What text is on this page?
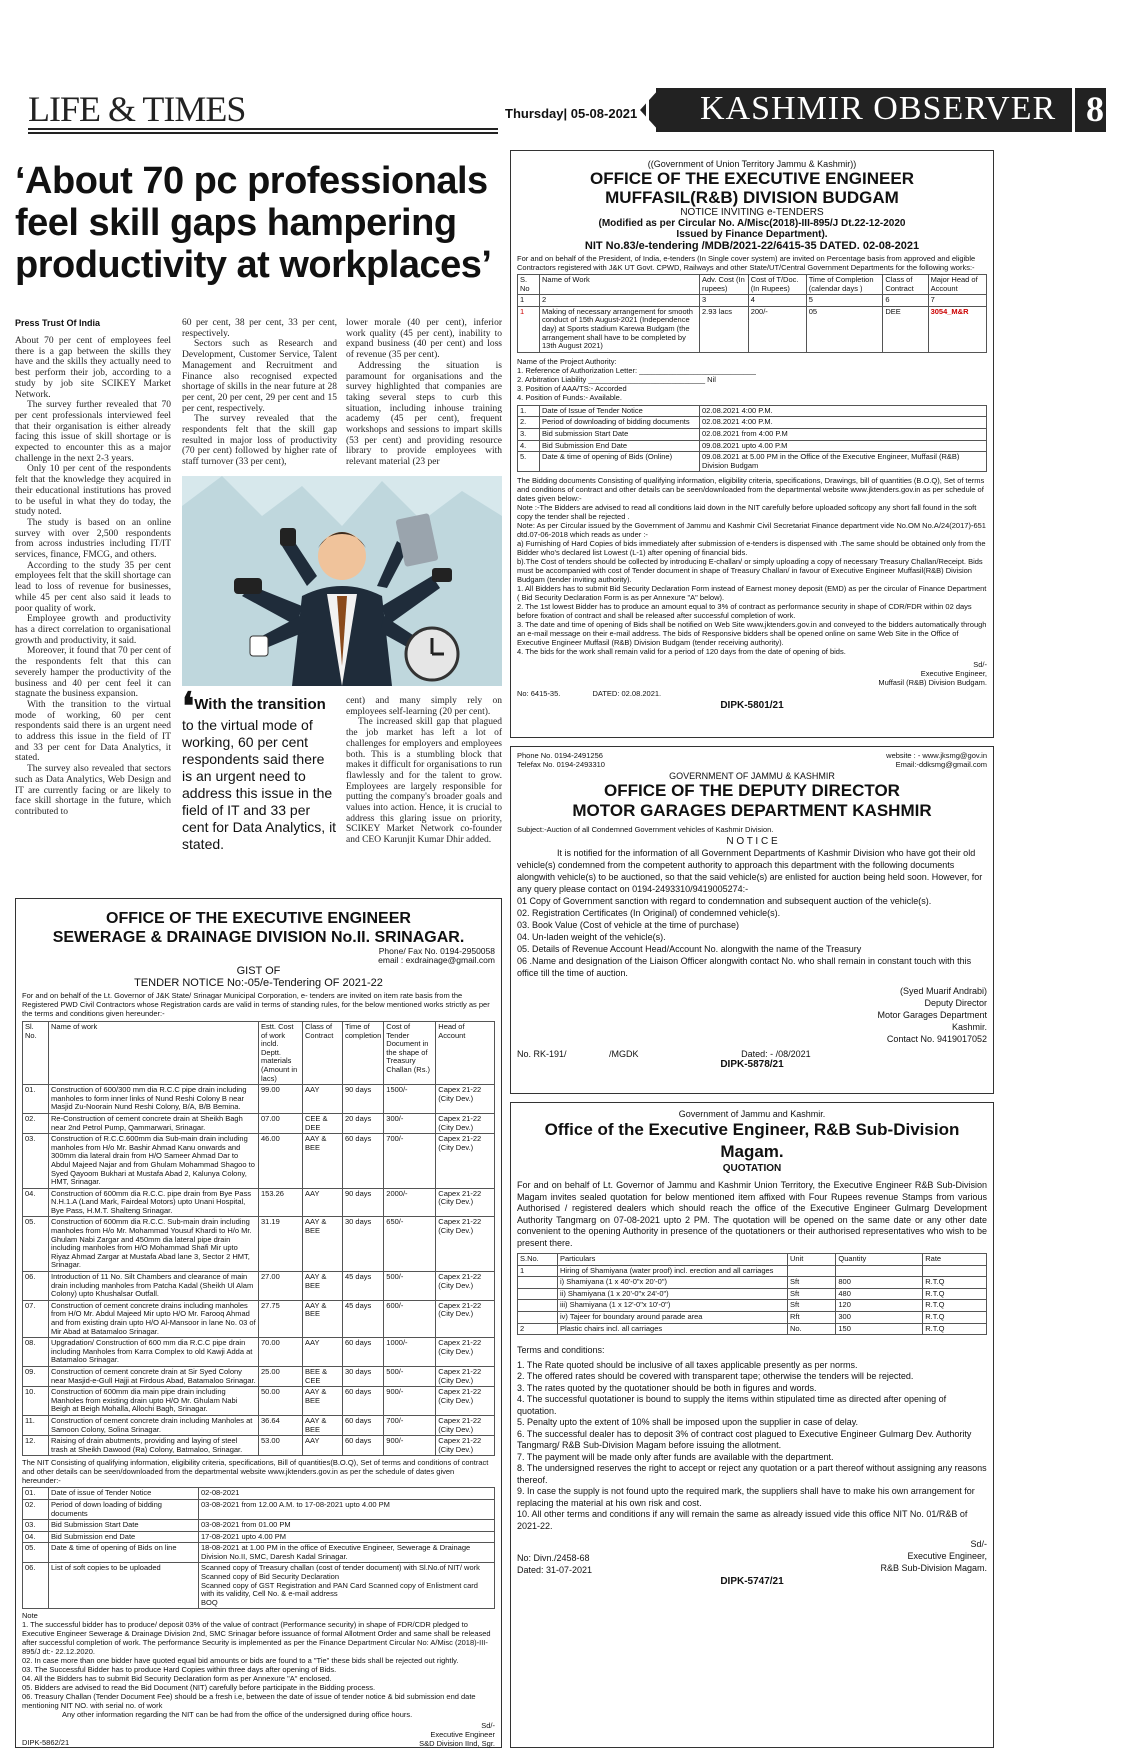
LIFE & TIMES	Thursday| 05-08-2021 KASHMIR OBSERVER 8
‘About 70 pc professionals feel skill gaps hampering productivity at workplaces’
Press Trust Of India

About 70 per cent of employees feel there is a gap between the skills they have and the skills they actually need to best perform their job, according to a study by job site SCIKEY Market Network.

The survey further revealed that 70 per cent professionals interviewed feel that their organisation is either already facing this issue of skill shortage or is expected to encounter this as a major challenge in the next 2-3 years.

Only 10 per cent of the respondents felt that the knowledge they acquired in their educational institutions has proved to be useful in what they do today, the study noted.

The study is based on an online survey with over 2,500 respondents from across industries including IT/IT services, finance, FMCG, and others.

According to the study 35 per cent employees felt that the skill shortage can lead to loss of revenue for businesses, while 45 per cent also said it leads to poor quality of work.

Employee growth and productivity has a direct correlation to organisational growth and productivity, it said.

Moreover, it found that 70 per cent of the respondents felt that this can severely hamper the productivity of the business and 40 per cent feel it can stagnate the business expansion.

With the transition to the virtual mode of working, 60 per cent respondents said there is an urgent need to address this issue in the field of IT and 33 per cent for Data Analytics, it stated.

The survey also revealed that sectors such as Data Analytics, Web Design and IT are currently facing or are likely to face skill shortage in the future, which contributed to

60 per cent, 38 per cent, 33 per cent, respectively.

Sectors such as Research and Development, Customer Service, Talent Management and Recruitment and Finance also recognised expected shortage of skills in the near future at 28 per cent, 20 per cent, 29 per cent and 15 per cent, respectively.

The survey revealed that the respondents felt that the skill gap resulted in major loss of productivity (70 per cent) followed by higher rate of staff turnover (33 per cent),

lower morale (40 per cent), inferior work quality (45 per cent), inability to expand business (40 per cent) and loss of revenue (35 per cent).

Addressing the situation is paramount for organisations and the survey highlighted that companies are taking several steps to curb this situation, including inhouse training academy (45 per cent), frequent workshops and sessions to impart skills (53 per cent) and providing resource library to provide employees with relevant material (23 per

❛With the transition to the virtual mode of working, 60 per cent respondents said there is an urgent need to address this issue in the field of IT and 33 per cent for Data Analytics, it stated.

cent) and many simply rely on employees self-learning (20 per cent).

The increased skill gap that plagued the job market has left a lot of challenges for employers and employees both. This is a stumbling block that makes it difficult for organisations to run flawlessly and for the talent to grow. Employees are largely responsible for putting the company's broader goals and values into action. Hence, it is crucial to address this glaring issue on priority, SCIKEY Market Network co-founder and CEO Karunjit Kumar Dhir added.

((Government of Union Territory Jammu & Kashmir))
OFFICE OF THE EXECUTIVE ENGINEER
MUFFASIL(R&B) DIVISION BUDGAM
NOTICE INVITING e-TENDERS
(Modified as per Circular No. A/Misc(2018)-III-895/J Dt.22-12-2020
Issued by Finance Department).
NIT No.83/e-tendering /MDB/2021-22/6415-35 DATED. 02-08-2021
For and on behalf of the President, of India, e-tenders (In Single cover system) are invited on Percentage basis from approved and eligible Contractors registered with J&K UT Govt. CPWD, Railways and other State/UT/Central Government Departments for the following works:-
S. No	Name of Work	Adv. Cost (In rupees)	Cost of T/Doc. (In Rupees)	Time of Completion (calendar days )	Class of Contract	Major Head of Account
1	2	3	4	5	6	7
1	Making of necessary arrangement for smooth conduct of 15th August-2021 (Independence day) at Sports stadium Karewa Budgam (the arrangement shall have to be completed by 13th August 2021)	2.93 lacs	200/-	05	DEE	3054_M&R
Name of the Project Authority:
1. Reference of Authorization Letter: ____________________________
2. Arbitration Liability ____________________________ Nil
3. Position of AAA/TS:- Accorded
4. Position of Funds:- Available.
1.	Date of Issue of Tender Notice	02.08.2021 4:00 P.M.
2.	Period of downloading of bidding documents	02.08.2021 4:00 P.M.
3.	Bid submission Start Date	02.08.2021 from 4:00 P.M
4.	Bid Submission End Date	09.08.2021 upto 4.00 P.M
5.	Date & time of opening of Bids (Online)	09.08.2021 at 5.00 PM in the Office of the Executive Engineer, Muffasil (R&B) Division Budgam
The Bidding documents Consisting of qualifying information, eligibility criteria, specifications, Drawings, bill of quantities (B.O.Q), Set of terms and conditions of contract and other details can be seen/downloaded from the departmental website www.jktenders.gov.in as per schedule of dates given below:-
Note :-The Bidders are advised to read all conditions laid down in the NIT carefully before uploaded softcopy any short fall found in the soft copy the tender shall be rejected .
Note: As per Circular issued by the Government of Jammu and Kashmir Civil Secretariat Finance department vide No.OM No.A/24(2017)-651 dtd.07-06-2018 which reads as under :-
a) Furnishing of Hard Copies of bids immediately after submission of e-tenders is dispensed with .The same should be obtained only from the Bidder who's declared list Lowest (L-1) after opening of financial bids.
b).The Cost of tenders should be collected by introducing E-challan/ or simply uploading a copy of necessary Treasury Challan/Receipt. Bids must be accompanied with cost of Tender document in shape of Treasury Challan/ in favour of Executive Engineer Muffasil(R&B) Division Budgam (tender inviting authority).
1. All Bidders has to submit Bid Security Declaration Form instead of Earnest money deposit (EMD) as per the circular of Finance Department ( Bid Security Declaration Form is as per Annexure "A" below).
2. The 1st lowest Bidder has to produce an amount equal to 3% of contract as performance security in shape of CDR/FDR within 02 days before fixation of contract and shall be released after successful completion of work.
3. The date and time of opening of Bids shall be notified on Web Site www.jktenders.gov.in and conveyed to the bidders automatically through an e-mail message on their e-mail address. The bids of Responsive bidders shall be opened online on same Web Site in the Office of Executive Engineer Muffasil (R&B) Division Budgam (tender receiving authority).
4. The bids for the work shall remain valid for a period of 120 days from the date of opening of bids.
Sd/-
Executive Engineer,
Muffasil (R&B) Division Budgam.
No: 6415-35.	DATED: 02.08.2021.
DIPK-5801/21
Phone No. 0194-2491256
Telefax No. 0194-2493310
website : - www.jksmg@gov.in
Email:-ddksmg@gmail.com
GOVERNMENT OF JAMMU & KASHMIR
OFFICE OF THE DEPUTY DIRECTOR
MOTOR GARAGES DEPARTMENT KASHMIR
Subject:-Auction of all Condemned Government vehicles of Kashmir Division.
N O T I C E
It is notified for the information of all Government Departments of Kashmir Division who have got their old vehicle(s) condemned from the competent authority to approach this department with the following documents alongwith vehicle(s) to be auctioned, so that the said vehicle(s) are enlisted for auction being held soon. However, for any query please contact on 0194-2493310/9419005274:-
01 Copy of Government sanction with regard to condemnation and subsequent auction of the vehicle(s).
02. Registration Certificates (In Original) of condemned vehicle(s).
03. Book Value (Cost of vehicle at the time of purchase)
04. Un-laden weight of the vehicle(s).
05. Details of Revenue Account Head/Account No. alongwith the name of the Treasury
06 .Name and designation of the Liaison Officer alongwith contact No. who shall remain in constant touch with this office till the time of auction.
(Syed Muarif Andrabi)
Deputy Director
Motor Garages Department
Kashmir.
Contact No. 9419017052
No. RK-191/	/MGDK	Dated: - /08/2021
DIPK-5878/21
Government of Jammu and Kashmir.
Office of the Executive Engineer, R&B Sub-Division Magam.
QUOTATION
For and on behalf of Lt. Governor of Jammu and Kashmir Union Territory, the Executive Engineer R&B Sub-Division Magam invites sealed quotation for below mentioned item affixed with Four Rupees revenue Stamps from various Authorised / registered dealers which should reach the office of the Executive Engineer Gulmarg Development Authority Tangmarg on 07-08-2021 upto 2 PM. The quotation will be opened on the same date or any other date convenient to the opening Authority in presence of the quotationers or their authorised representatives who wish to be present there.
S.No.	Particulars	Unit	Quantity	Rate
1	Hiring of Shamiyana (water proof) incl. erection and all carriages			
	i) Shamiyana (1 x 40'-0"x 20'-0")	Sft	800	R.T.Q
	ii) Shamiyana (1 x 20'-0"x 24'-0")	Sft	480	R.T.Q
	iii) Shamiyana (1 x 12'-0"x 10'-0")	Sft	120	R.T.Q
	iv) Tajeer for boundary around parade area	Rft	300	R.T.Q
2	Plastic chairs incl. all carriages	No.	150	R.T.Q
Terms and conditions:
1. The Rate quoted should be inclusive of all taxes applicable presently as per norms.
2. The offered rates should be covered with transparent tape; otherwise the tenders will be rejected.
3. The rates quoted by the quotationer should be both in figures and words.
4. The successful quotationer is bound to supply the items within stipulated time as directed after opening of quotation.
5. Penalty upto the extent of 10% shall be imposed upon the supplier in case of delay.
6. The successful dealer has to deposit 3% of contract cost plagued to Executive Engineer Gulmarg Dev. Authority Tangmarg/ R&B Sub-Division Magam before issuing the allotment.
7. The payment will be made only after funds are available with the department.
8. The undersigned reserves the right to accept or reject any quotation or a part thereof without assigning any reasons thereof.
9. In case the supply is not found upto the required mark, the suppliers shall have to make his own arrangement for replacing the material at his own risk and cost.
10. All other terms and conditions if any will remain the same as already issued vide this office NIT No. 01/R&B of 2021-22.
Sd/-
Executive Engineer,
R&B Sub-Division Magam.
No: Divn./2458-68
Dated: 31-07-2021
DIPK-5747/21
OFFICE OF THE EXECUTIVE ENGINEER
SEWERAGE & DRAINAGE DIVISION No.II. SRINAGAR.
Phone/ Fax No. 0194-2950058
email : exdrainage@gmail.com
GIST OF
TENDER NOTICE No:-05/e-Tendering OF 2021-22
For and on behalf of the Lt. Governor of J&K State/ Srinagar Municipal Corporation, e- tenders are invited on item rate basis from the Registered PWD Civil Contractors whose Registration cards are valid in terms of standing rules, for the below mentioned works strictly as per the terms and conditions given hereunder:-
Sl. No.	Name of work	Estt. Cost of work incld. Deptt. materials (Amount in lacs)	Class of Contract	Time of completion	Cost of Tender Document in the shape of Treasury Challan (Rs.)	Head of Account
01.	Construction of 600/300 mm dia R.C.C pipe drain including manholes to form inner links of Nund Reshi Colony B near Masjid Zu-Noorain Nund Reshi Colony, B/A, B/B Bemina.	99.00	AAY	90 days	1500/-	Capex 21-22 (City Dev.)
02.	Re-Construction of cement concrete drain at Sheikh Bagh near 2nd Petrol Pump, Qammarwari, Srinagar.	07.00	CEE & DEE	20 days	300/-	Capex 21-22 (City Dev.)
03.	Construction of R.C.C.600mm dia Sub-main drain including manholes from H/o Mr. Bashir Ahmad Kanu onwards and 300mm dia lateral drain from H/O Sameer Ahmad Dar to Abdul Majeed Najar and from Ghulam Mohammad Shagoo to Syed Qayoom Bukhari at Mustafa Abad 2, Kalunya Colony, HMT, Srinagar.	46.00	AAY & BEE	60 days	700/-	Capex 21-22 (City Dev.)
04.	Construction of 600mm dia R.C.C. pipe drain from Bye Pass N.H.1.A (Land Mark, Fairdeal Motors) upto Unani Hospital, Bye Pass, H.M.T. Shalteng Srinagar.	153.26	AAY	90 days	2000/-	Capex 21-22 (City Dev.)
05.	Construction of 600mm dia R.C.C. Sub-main drain including manholes from H/o Mr. Mohammad Yousuf Khardi to H/o Mr. Ghulam Nabi Zargar and 450mm dia lateral pipe drain including manholes from H/O Mohammad Shafi Mir upto Riyaz Ahmad Zargar at Mustafa Abad lane 3, Sector 2 HMT, Srinagar.	31.19	AAY & BEE	30 days	650/-	Capex 21-22 (City Dev.)
06.	Introduction of 11 No. Silt Chambers and clearance of main drain including manholes from Patcha Kadal (Sheikh Ul Alam Colony) upto Khushalsar Outfall.	27.00	AAY & BEE	45 days	500/-	Capex 21-22 (City Dev.)
07.	Construction of cement concrete drains including manholes from H/O Mr. Abdul Majeed Mir upto H/O Mr. Farooq Ahmad and from existing drain upto H/O Al-Mansoor in lane No. 03 of Mir Abad at Batamaloo Srinagar.	27.75	AAY & BEE	45 days	600/-	Capex 21-22 (City Dev.)
08.	Upgradation/ Construction of 600 mm dia R.C.C pipe drain including Manholes from Karra Complex to old Kawji Adda at Batamaloo Srinagar.	70.00	AAY	60 days	1000/-	Capex 21-22 (City Dev.)
09.	Construction of cement concrete drain at Sir Syed Colony near Masjid-e-Gull Hajji at Firdous Abad, Batamaloo Srinagar.	25.00	BEE & CEE	30 days	500/-	Capex 21-22 (City Dev.)
10.	Construction of 600mm dia main pipe drain including Manholes from existing drain upto H/O Mr. Ghulam Nabi Beigh at Beigh Mohalla, Allochi Bagh, Srinagar.	50.00	AAY & BEE	60 days	900/-	Capex 21-22 (City Dev.)
11.	Construction of cement concrete drain including Manholes at Samoon Colony, Solina Srinagar.	36.64	AAY & BEE	60 days	700/-	Capex 21-22 (City Dev.)
12.	Raising of drain abutments, providing and laying of steel trash at Sheikh Dawood (Ra) Colony, Batmaloo, Srinagar.	53.00	AAY	60 days	900/-	Capex 21-22 (City Dev.)
The NIT Consisting of qualifying information, eligibility criteria, specifications, Bill of quantities(B.O.Q), Set of terms and conditions of contract and other details can be seen/downloaded from the departmental website www.jktenders.gov.in as per the schedule of dates given hereunder:-
01.	Date of issue of Tender Notice	02-08-2021
02.	Period of down loading of bidding documents	03-08-2021 from 12.00 A.M. to 17-08-2021 upto 4.00 PM
03.	Bid Submission Start Date	03-08-2021 from 01.00 PM
04.	Bid Submission end Date	17-08-2021 upto 4.00 PM
05.	Date & time of opening of Bids on line	18-08-2021 at 1.00 PM in the office of Executive Engineer, Sewerage & Drainage Division No.II, SMC, Daresh Kadal Srinagar.
06.	List of soft copies to be uploaded	Scanned copy of Treasury challan (cost of tender document) with Sl.No.of NIT/ work
Scanned copy of Bid Security Declaration
Scanned copy of GST Registration and PAN Card Scanned copy of Enlistment card with its validity, Cell No. & e-mail address
BOQ
Note
1. The successful bidder has to produce/ deposit 03% of the value of contract (Performance security) in shape of FDR/CDR pledged to Executive Engineer Sewerage & Drainage Division 2nd, SMC Srinagar before issuance of formal Allotment Order and same shall be released after successful completion of work. The performance Security is implemented as per the Finance Department Circular No: A/Misc (2018)-III-895/J dt:- 22.12.2020.
02. In case more than one bidder have quoted equal bid amounts or bids are found to a "Tie" these bids shall be rejected out rightly.
03. The Successful Bidder has to produce Hard Copies within three days after opening of Bids.
04. All the Bidders has to submit Bid Security Declaration form as per Annexure "A" enclosed.
05. Bidders are advised to read the Bid Document (NIT) carefully before participate in the Bidding process.
06. Treasury Challan (Tender Document Fee) should be a fresh i.e, between the date of issue of tender notice & bid submission end date mentioning NIT NO. with serial no. of work
Any other information regarding the NIT can be had from the office of the undersigned during office hours.
Sd/-
Executive Engineer
S&D Division IInd, Sgr.
DIPK-5862/21
